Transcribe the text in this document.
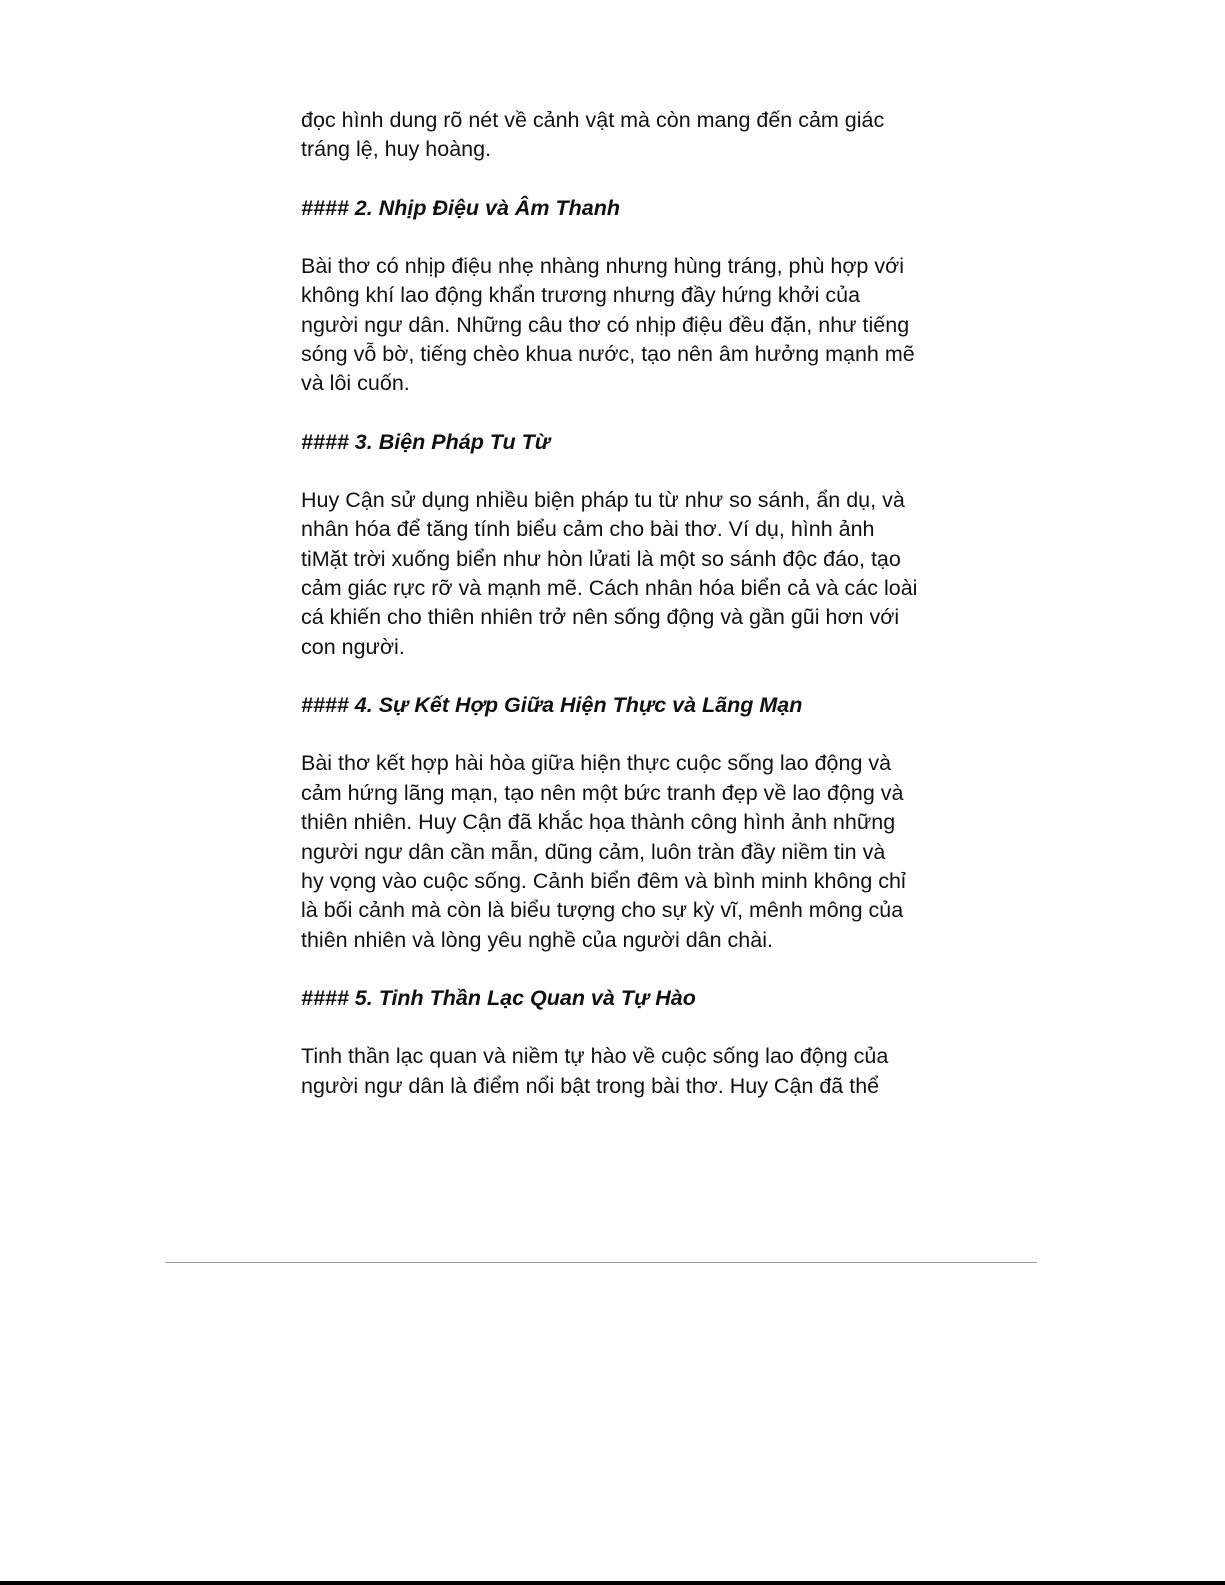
đọc hình dung rõ nét về cảnh vật mà còn mang đến cảm giác
tráng lệ, huy hoàng.

#### 2. Nhịp Điệu và Âm Thanh

Bài thơ có nhịp điệu nhẹ nhàng nhưng hùng tráng, phù hợp với
không khí lao động khẩn trương nhưng đầy hứng khởi của
người ngư dân. Những câu thơ có nhịp điệu đều đặn, như tiếng
sóng vỗ bờ, tiếng chèo khua nước, tạo nên âm hưởng mạnh mẽ
và lôi cuốn.

#### 3. Biện Pháp Tu Từ

Huy Cận sử dụng nhiều biện pháp tu từ như so sánh, ẩn dụ, và
nhân hóa để tăng tính biểu cảm cho bài thơ. Ví dụ, hình ảnh
tiMặt trời xuống biển như hòn lửati là một so sánh độc đáo, tạo
cảm giác rực rỡ và mạnh mẽ. Cách nhân hóa biển cả và các loài
cá khiến cho thiên nhiên trở nên sống động và gần gũi hơn với
con người.

#### 4. Sự Kết Hợp Giữa Hiện Thực và Lãng Mạn

Bài thơ kết hợp hài hòa giữa hiện thực cuộc sống lao động và
cảm hứng lãng mạn, tạo nên một bức tranh đẹp về lao động và
thiên nhiên. Huy Cận đã khắc họa thành công hình ảnh những
người ngư dân cần mẫn, dũng cảm, luôn tràn đầy niềm tin và
hy vọng vào cuộc sống. Cảnh biển đêm và bình minh không chỉ
là bối cảnh mà còn là biểu tượng cho sự kỳ vĩ, mênh mông của
thiên nhiên và lòng yêu nghề của người dân chài.

#### 5. Tinh Thần Lạc Quan và Tự Hào

Tinh thần lạc quan và niềm tự hào về cuộc sống lao động của
người ngư dân là điểm nổi bật trong bài thơ. Huy Cận đã thể
